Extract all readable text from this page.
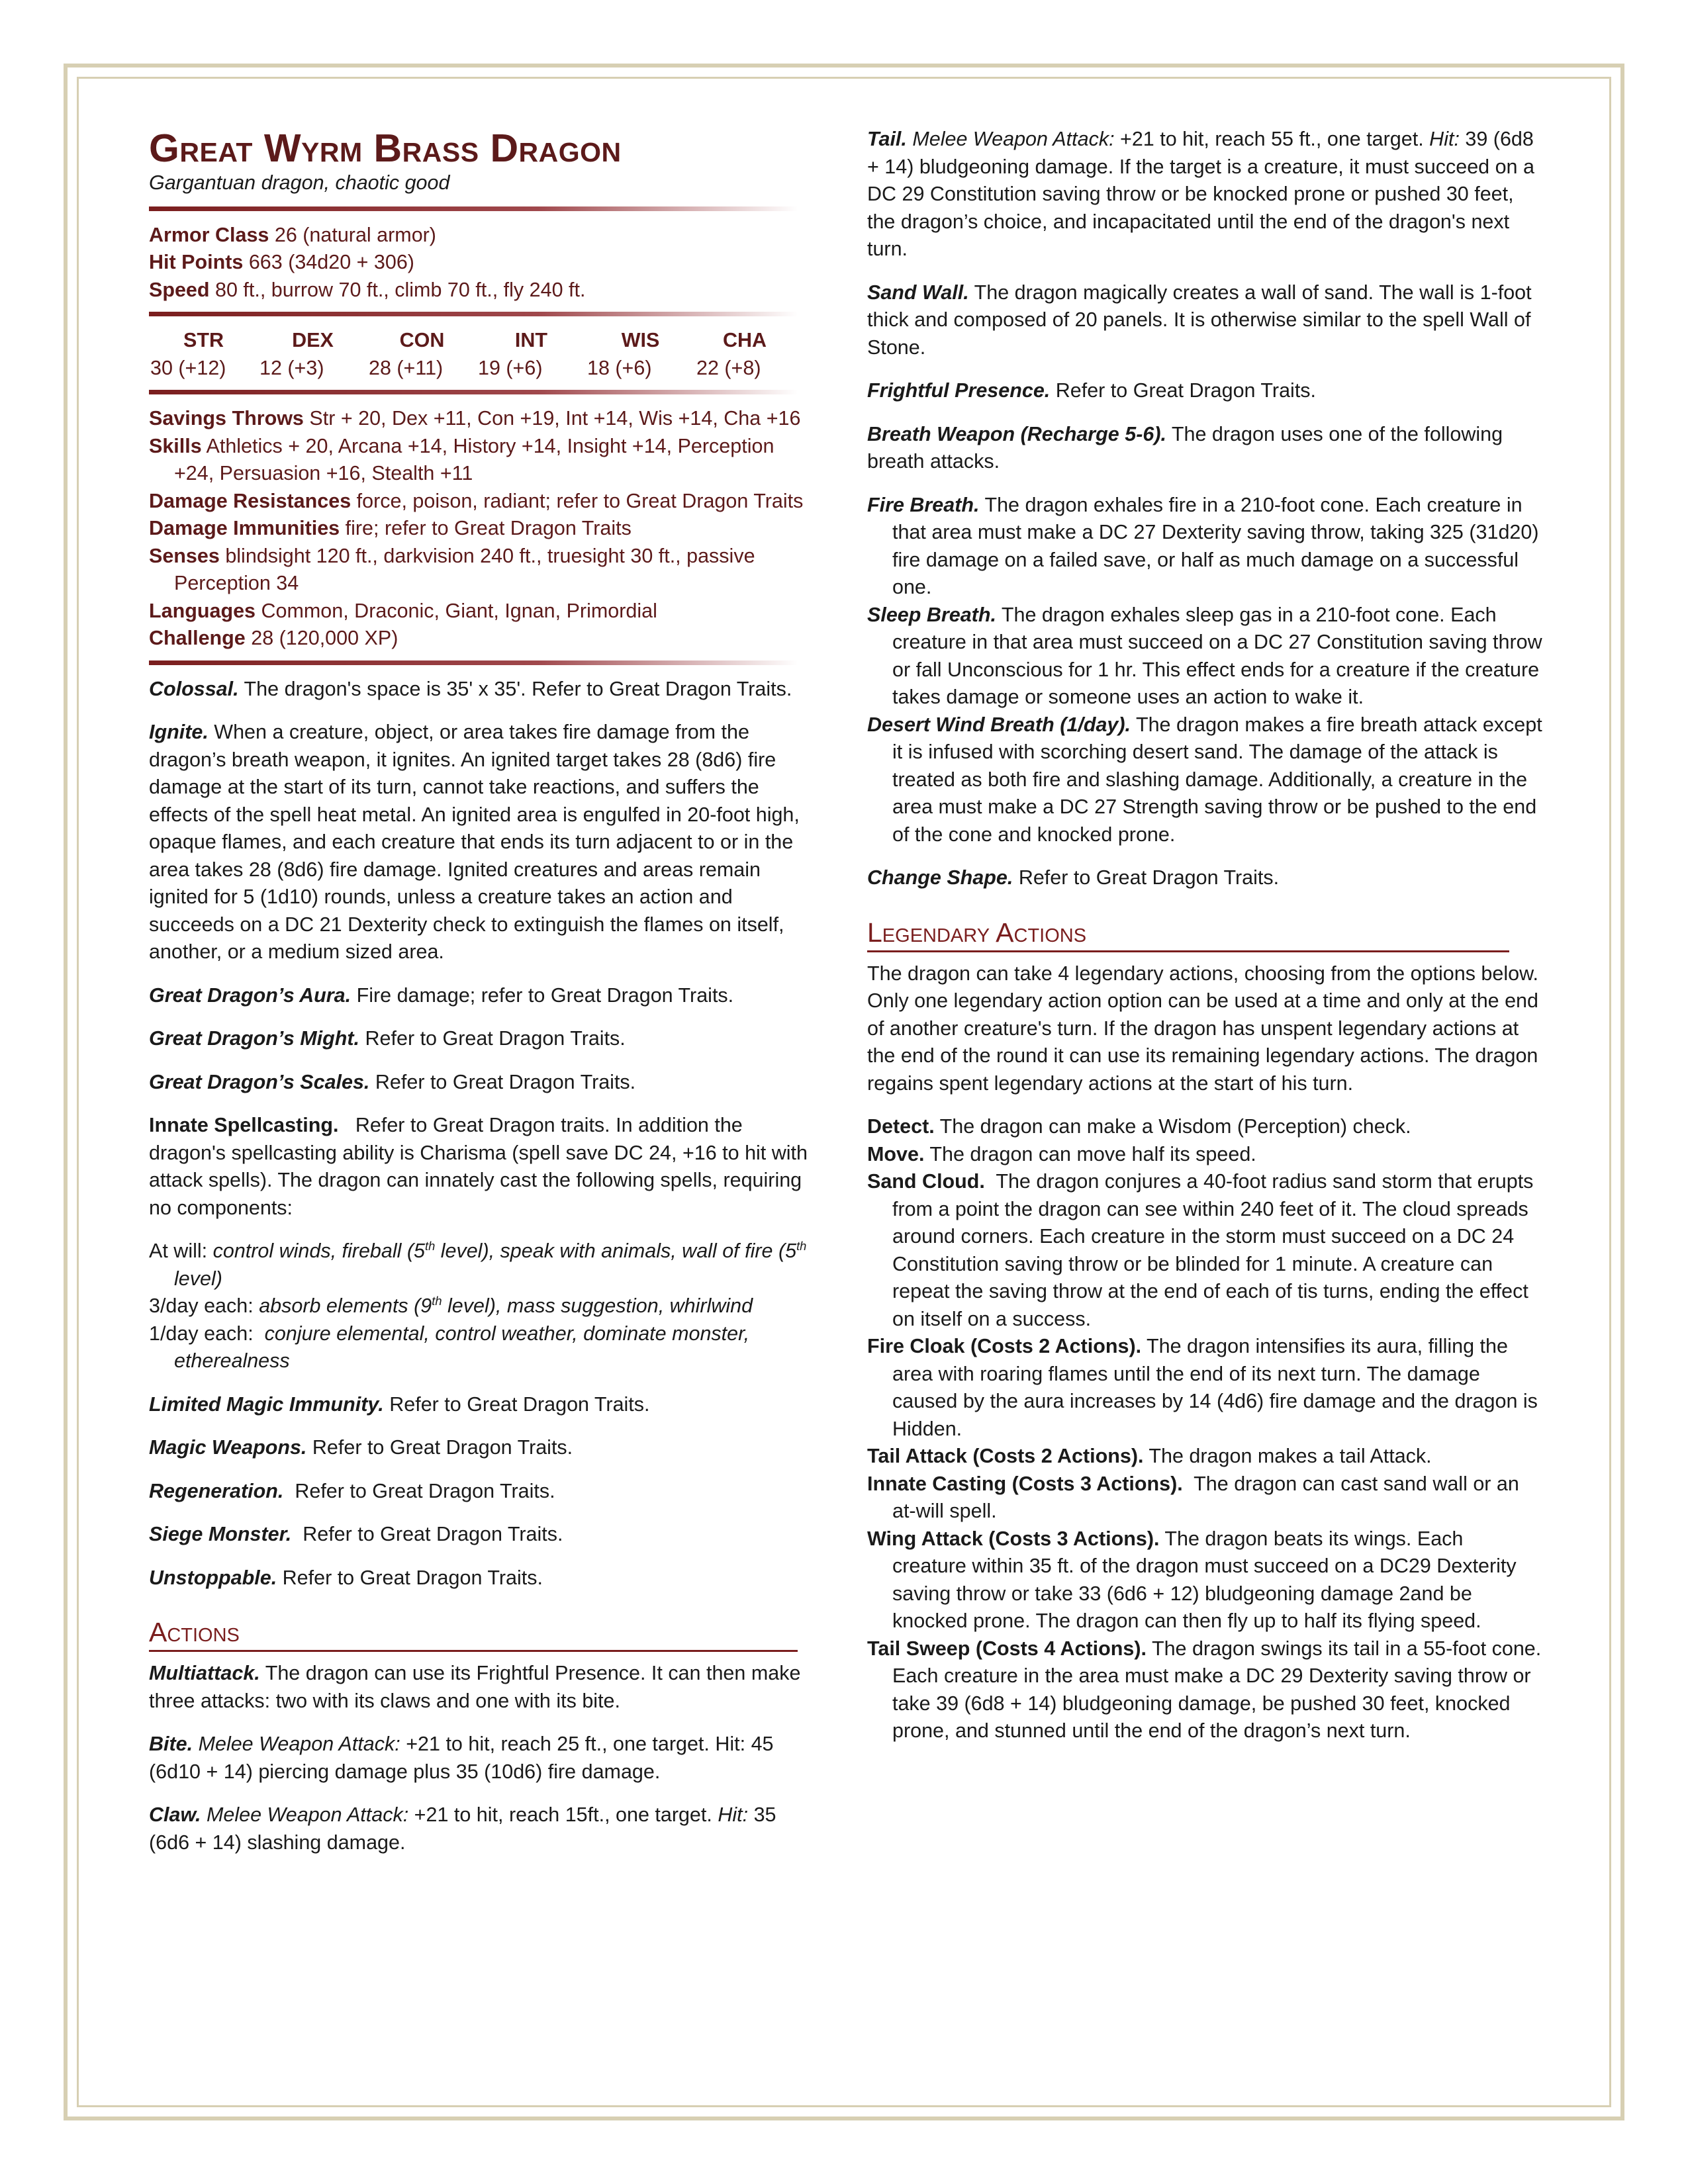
Great Wyrm Brass Dragon
Gargantuan dragon, chaotic good
Armor Class 26 (natural armor)
Hit Points 663 (34d20 + 306)
Speed 80 ft., burrow 70 ft., climb 70 ft., fly 240 ft.
STR	DEX	CON	INT	WIS	CHA
30 (+12)	12 (+3)	28 (+11)	19 (+6)	18 (+6)	22 (+8)
Savings Throws Str + 20, Dex +11, Con +19, Int +14, Wis +14, Cha +16
Skills Athletics + 20, Arcana +14, History +14, Insight +14, Perception +24, Persuasion +16, Stealth +11
Damage Resistances force, poison, radiant; refer to Great Dragon Traits
Damage Immunities fire; refer to Great Dragon Traits
Senses blindsight 120 ft., darkvision 240 ft., truesight 30 ft., passive Perception 34
Languages Common, Draconic, Giant, Ignan, Primordial
Challenge 28 (120,000 XP)

Colossal. The dragon's space is 35' x 35'. Refer to Great Dragon Traits.

Ignite. When a creature, object, or area takes fire damage from the dragon’s breath weapon, it ignites. An ignited target takes 28 (8d6) fire damage at the start of its turn, cannot take reactions, and suffers the effects of the spell heat metal. An ignited area is engulfed in 20-foot high, opaque flames, and each creature that ends its turn adjacent to or in the area takes 28 (8d6) fire damage. Ignited creatures and areas remain ignited for 5 (1d10) rounds, unless a creature takes an action and succeeds on a DC 21 Dexterity check to extinguish the flames on itself, another, or a medium sized area.

Great Dragon’s Aura. Fire damage; refer to Great Dragon Traits.

Great Dragon’s Might. Refer to Great Dragon Traits.

Great Dragon’s Scales. Refer to Great Dragon Traits.

Innate Spellcasting. Refer to Great Dragon traits. In addition the dragon's spellcasting ability is Charisma (spell save DC 24, +16 to hit with attack spells). The dragon can innately cast the following spells, requiring no components:

At will: control winds, fireball (5th level), speak with animals, wall of fire (5th level)
3/day each: absorb elements (9th level), mass suggestion, whirlwind
1/day each: conjure elemental, control weather, dominate monster, etherealness

Limited Magic Immunity. Refer to Great Dragon Traits.

Magic Weapons. Refer to Great Dragon Traits.

Regeneration. Refer to Great Dragon Traits.

Siege Monster. Refer to Great Dragon Traits.

Unstoppable. Refer to Great Dragon Traits.

Actions

Multiattack. The dragon can use its Frightful Presence. It can then make three attacks: two with its claws and one with its bite.

Bite. Melee Weapon Attack: +21 to hit, reach 25 ft., one target. Hit: 45 (6d10 + 14) piercing damage plus 35 (10d6) fire damage.

Claw. Melee Weapon Attack: +21 to hit, reach 15ft., one target. Hit: 35 (6d6 + 14) slashing damage.

Tail. Melee Weapon Attack: +21 to hit, reach 55 ft., one target. Hit: 39 (6d8 + 14) bludgeoning damage. If the target is a creature, it must succeed on a DC 29 Constitution saving throw or be knocked prone or pushed 30 feet, the dragon’s choice, and incapacitated until the end of the dragon's next turn.

Sand Wall. The dragon magically creates a wall of sand. The wall is 1-foot thick and composed of 20 panels. It is otherwise similar to the spell Wall of Stone.

Frightful Presence. Refer to Great Dragon Traits.

Breath Weapon (Recharge 5-6). The dragon uses one of the following breath attacks.

Fire Breath. The dragon exhales fire in a 210-foot cone. Each creature in that area must make a DC 27 Dexterity saving throw, taking 325 (31d20) fire damage on a failed save, or half as much damage on a successful one.
Sleep Breath. The dragon exhales sleep gas in a 210-foot cone. Each creature in that area must succeed on a DC 27 Constitution saving throw or fall Unconscious for 1 hr. This effect ends for a creature if the creature takes damage or someone uses an action to wake it.
Desert Wind Breath (1/day). The dragon makes a fire breath attack except it is infused with scorching desert sand. The damage of the attack is treated as both fire and slashing damage. Additionally, a creature in the area must make a DC 27 Strength saving throw or be pushed to the end of the cone and knocked prone.

Change Shape. Refer to Great Dragon Traits.

Legendary Actions

The dragon can take 4 legendary actions, choosing from the options below. Only one legendary action option can be used at a time and only at the end of another creature's turn. If the dragon has unspent legendary actions at the end of the round it can use its remaining legendary actions. The dragon regains spent legendary actions at the start of his turn.

Detect. The dragon can make a Wisdom (Perception) check.
Move. The dragon can move half its speed.
Sand Cloud. The dragon conjures a 40-foot radius sand storm that erupts from a point the dragon can see within 240 feet of it. The cloud spreads around corners. Each creature in the storm must succeed on a DC 24 Constitution saving throw or be blinded for 1 minute. A creature can repeat the saving throw at the end of each of tis turns, ending the effect on itself on a success.
Fire Cloak (Costs 2 Actions). The dragon intensifies its aura, filling the area with roaring flames until the end of its next turn. The damage caused by the aura increases by 14 (4d6) fire damage and the dragon is Hidden.
Tail Attack (Costs 2 Actions). The dragon makes a tail Attack.
Innate Casting (Costs 3 Actions). The dragon can cast sand wall or an at-will spell.
Wing Attack (Costs 3 Actions). The dragon beats its wings. Each creature within 35 ft. of the dragon must succeed on a DC29 Dexterity saving throw or take 33 (6d6 + 12) bludgeoning damage 2and be knocked prone. The dragon can then fly up to half its flying speed.
Tail Sweep (Costs 4 Actions). The dragon swings its tail in a 55-foot cone. Each creature in the area must make a DC 29 Dexterity saving throw or take 39 (6d8 + 14) bludgeoning damage, be pushed 30 feet, knocked prone, and stunned until the end of the dragon’s next turn.
